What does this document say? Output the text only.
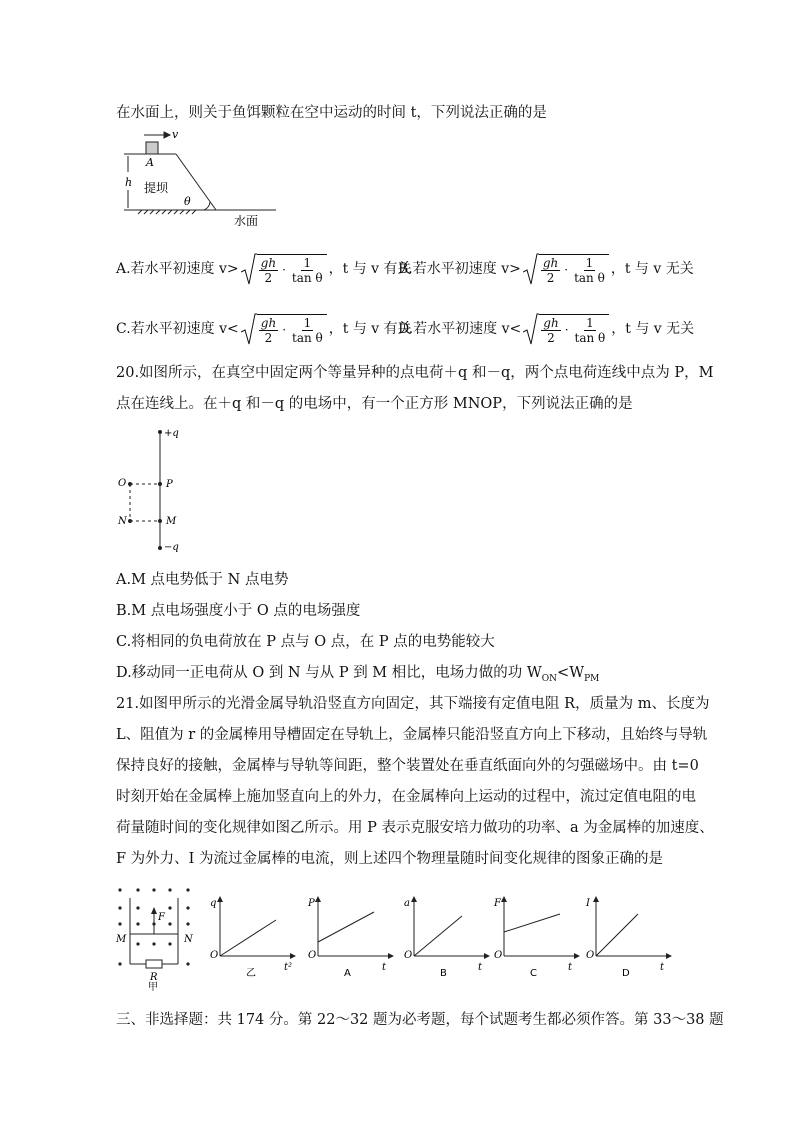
在水面上，则关于鱼饵颗粒在空中运动的时间 t，下列说法正确的是
v
A
h 提坝
θ
水面
A.若水平初速度 $v> \frac{gh}{2} \cdot \frac{1}{\text{tan θ}}$ ，t 与 v 有关
B.若水平初速度 $v> \frac{gh}{2} \cdot \frac{1}{\text{tan θ}}$ ，t 与 v 无关
C.若水平初速度 $v< \frac{gh}{2} \cdot \frac{1}{\text{tan θ}}$ ，t 与 v 有关
D.若水平初速度 $v< \frac{gh}{2} \cdot \frac{1}{\text{tan θ}}$ ，t 与 v 无关
20.如图所示，在真空中固定两个等量异种的点电荷＋q 和－q，两个点电荷连线中点为 P，M
点在连线上。在＋q 和－q 的电场中，有一个正方形 MNOP，下列说法正确的是
+q
−q
O	P
N	M
A.M 点电势低于 N 点电势
B.M 点电场强度小于 O 点的电场强度
C.将相同的负电荷放在 P 点与 O 点，在 P 点的电势能较大
D.移动同一正电荷从 O 到 N 与从 P 到 M 相比，电场力做的功 $W_{ON}<W_{PM}$
21.如图甲所示的光滑金属导轨沿竖直方向固定，其下端接有定值电阻 R，质量为 m、长度为
L、阻值为 r 的金属棒用导槽固定在导轨上，金属棒只能沿竖直方向上下移动，且始终与导轨
保持良好的接触，金属棒与导轨等间距，整个装置处在垂直纸面向外的匀强磁场中。由 t=0
时刻开始在金属棒上施加竖直向上的外力，在金属棒向上运动的过程中，流过定值电阻的电
荷量随时间的变化规律如图乙所示。用 P 表示克服安培力做功的功率、a 为金属棒的加速度、
F 为外力、I 为流过金属棒的电流，则上述四个物理量随时间变化规律的图象正确的是
F
M	N
R
甲
q
t²
O
乙
P
t
O
A
a
t
O
B
F
t
O
C
I
t
O
D
三、非选择题：共 174 分。第 22～32 题为必考题，每个试题考生都必须作答。第 33～38 题
